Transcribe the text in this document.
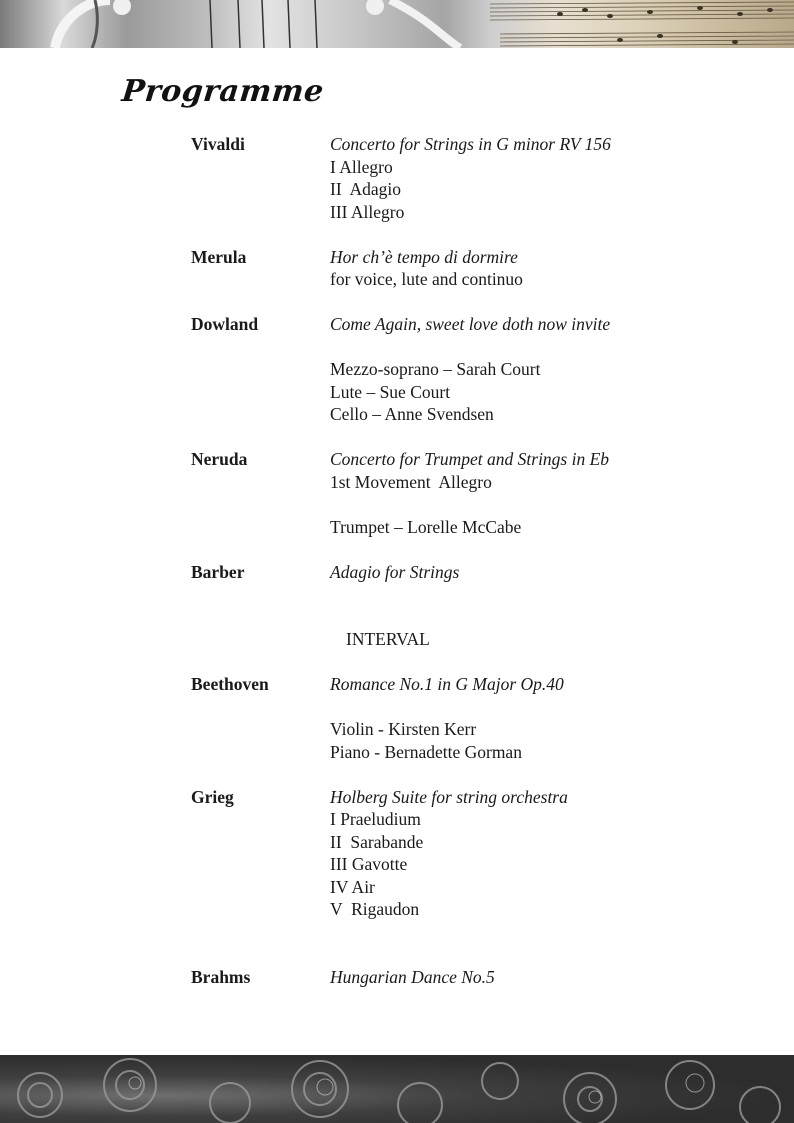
Programme
Vivaldi	Concerto for Strings in G minor RV 156
I Allegro
II  Adagio
III Allegro
Merula	Hor ch’è tempo di dormire
for voice, lute and continuo
Dowland	Come Again, sweet love doth now invite
Mezzo-soprano – Sarah Court
Lute – Sue Court
Cello – Anne Svendsen
Neruda	Concerto for Trumpet and Strings in Eb
1st Movement  Allegro
Trumpet – Lorelle McCabe
Barber	Adagio for Strings
INTERVAL
Beethoven	Romance No.1 in G Major Op.40
Violin - Kirsten Kerr
Piano - Bernadette Gorman
Grieg	Holberg Suite for string orchestra
I Praeludium
II  Sarabande
III Gavotte
IV Air
V  Rigaudon
Brahms	Hungarian Dance No.5
